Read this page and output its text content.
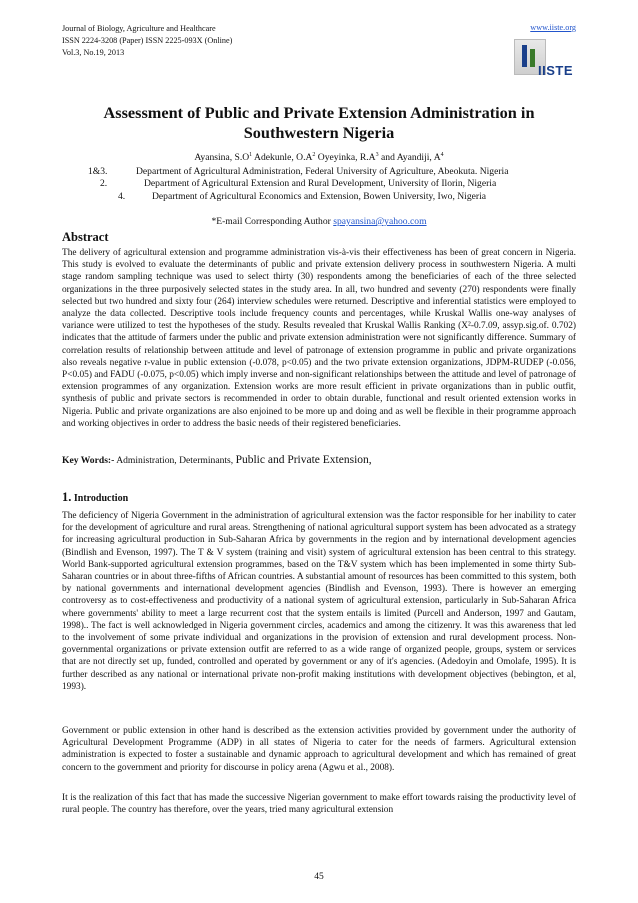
Journal of Biology, Agriculture and Healthcare
ISSN 2224-3208 (Paper) ISSN 2225-093X (Online)
Vol.3, No.19, 2013
www.iiste.org
IISTE
Assessment of Public and Private Extension Administration in
Southwestern Nigeria
Ayansina, $S.O^1$ Adekunle, $O.A^2$ Oyeyinka, $R.A^3$ and Ayandiji, $A^4$
1&3.	Department of Agricultural Administration, Federal University of Agriculture, Abeokuta. Nigeria
2.	Department of Agricultural Extension and Rural Development, University of Ilorin, Nigeria
4.	Department of Agricultural Economics and Extension, Bowen University, Iwo, Nigeria
*E-mail Corresponding Author spayansina@yahoo.com
Abstract
The delivery of agricultural extension and programme administration vis-à-vis their effectiveness has been of great concern in Nigeria. This study is evolved to evaluate the determinants of public and private extension delivery process in southwestern Nigeria. A multi stage random sampling technique was used to select thirty (30) respondents among the beneficiaries of each of the three selected organizations in the three purposively selected states in the study area. In all, two hundred and seventy (270) respondents were finally selected but two hundred and sixty four (264) interview schedules were returned. Descriptive and inferential statistics were employed to analyze the data collected. Descriptive tools include frequency counts and percentages, while Kruskal Wallis one-way analyses of variance were utilized to test the hypotheses of the study. Results revealed that Kruskal Wallis Ranking (X²-0.7.09, assyp.sig.of. 0.702) indicates that the attitude of farmers under the public and private extension administration were not significantly difference. Summary of correlation results of relationship between attitude and level of patronage of extension programme in public and private organizations also reveals negative r-value in public extension (-0.078, p<0.05) and the two private extension organizations, JDPM-RUDEP (-0.056, P<0.05) and FADU (-0.075, p<0.05) which imply inverse and non-significant relationships between the attitude and level of patronage of extension programmes of any organization. Extension works are more result efficient in private organizations than in public outfit, synthesis of public and private sectors is recommended in order to obtain durable, functional and result oriented extension works in Nigeria. Public and private organizations are also enjoined to be more up and doing and as well be flexible in their programme approach and working objectives in order to address the basic needs of their registered beneficiaries.
Key Words:- Administration, Determinants, Public and Private Extension,
1. Introduction
The deficiency of Nigeria Government in the administration of agricultural extension was the factor responsible for her inability to cater for the development of agriculture and rural areas. Strengthening of national agricultural support system has been advocated as a strategy for increasing agricultural production in Sub-Saharan Africa by governments in the region and by international development agencies (Bindlish and Evenson, 1997). The T & V system (training and visit) system of agricultural extension has been central to this strategy. World Bank-supported agricultural extension programmes, based on the T&V system which has been implemented in some thirty Sub-Saharan countries or in about three-fifths of African countries. A substantial amount of resources has been committed to this system, both by national governments and international development agencies (Bindlish and Evenson, 1993). There is however an emerging controversy as to cost-effectiveness and productivity of a national system of agricultural extension, particularly in Sub-Saharan Africa where governments' ability to meet a large recurrent cost that the system entails is limited (Purcell and Anderson, 1997 and Gautam, 1998).. The fact is well acknowledged in Nigeria government circles, academics and among the citizenry. It was this awareness that led to the involvement of some private individual and organizations in the provision of extension and rural development process. Non-governmental organizations or private extension outfit are referred to as a wide range of organized people, groups, system or services that are not directly set up, funded, controlled and operated by government or any of it's agencies. (Adedoyin and Omolafe, 1995). It is further described as any national or international private non-profit making institutions with development objectives (bebington, et al, 1993).
Government or public extension in other hand is described as the extension activities provided by government under the authority of Agricultural Development Programme (ADP) in all states of Nigeria to cater for the needs of farmers. Agricultural extension administration is expected to foster a sustainable and dynamic approach to agricultural development and which has remained of great concern to the government and priority for discourse in policy arena (Agwu et al., 2008).
It is the realization of this fact that has made the successive Nigerian government to make effort towards raising the productivity level of rural people. The country has therefore, over the years, tried many agricultural extension
45
